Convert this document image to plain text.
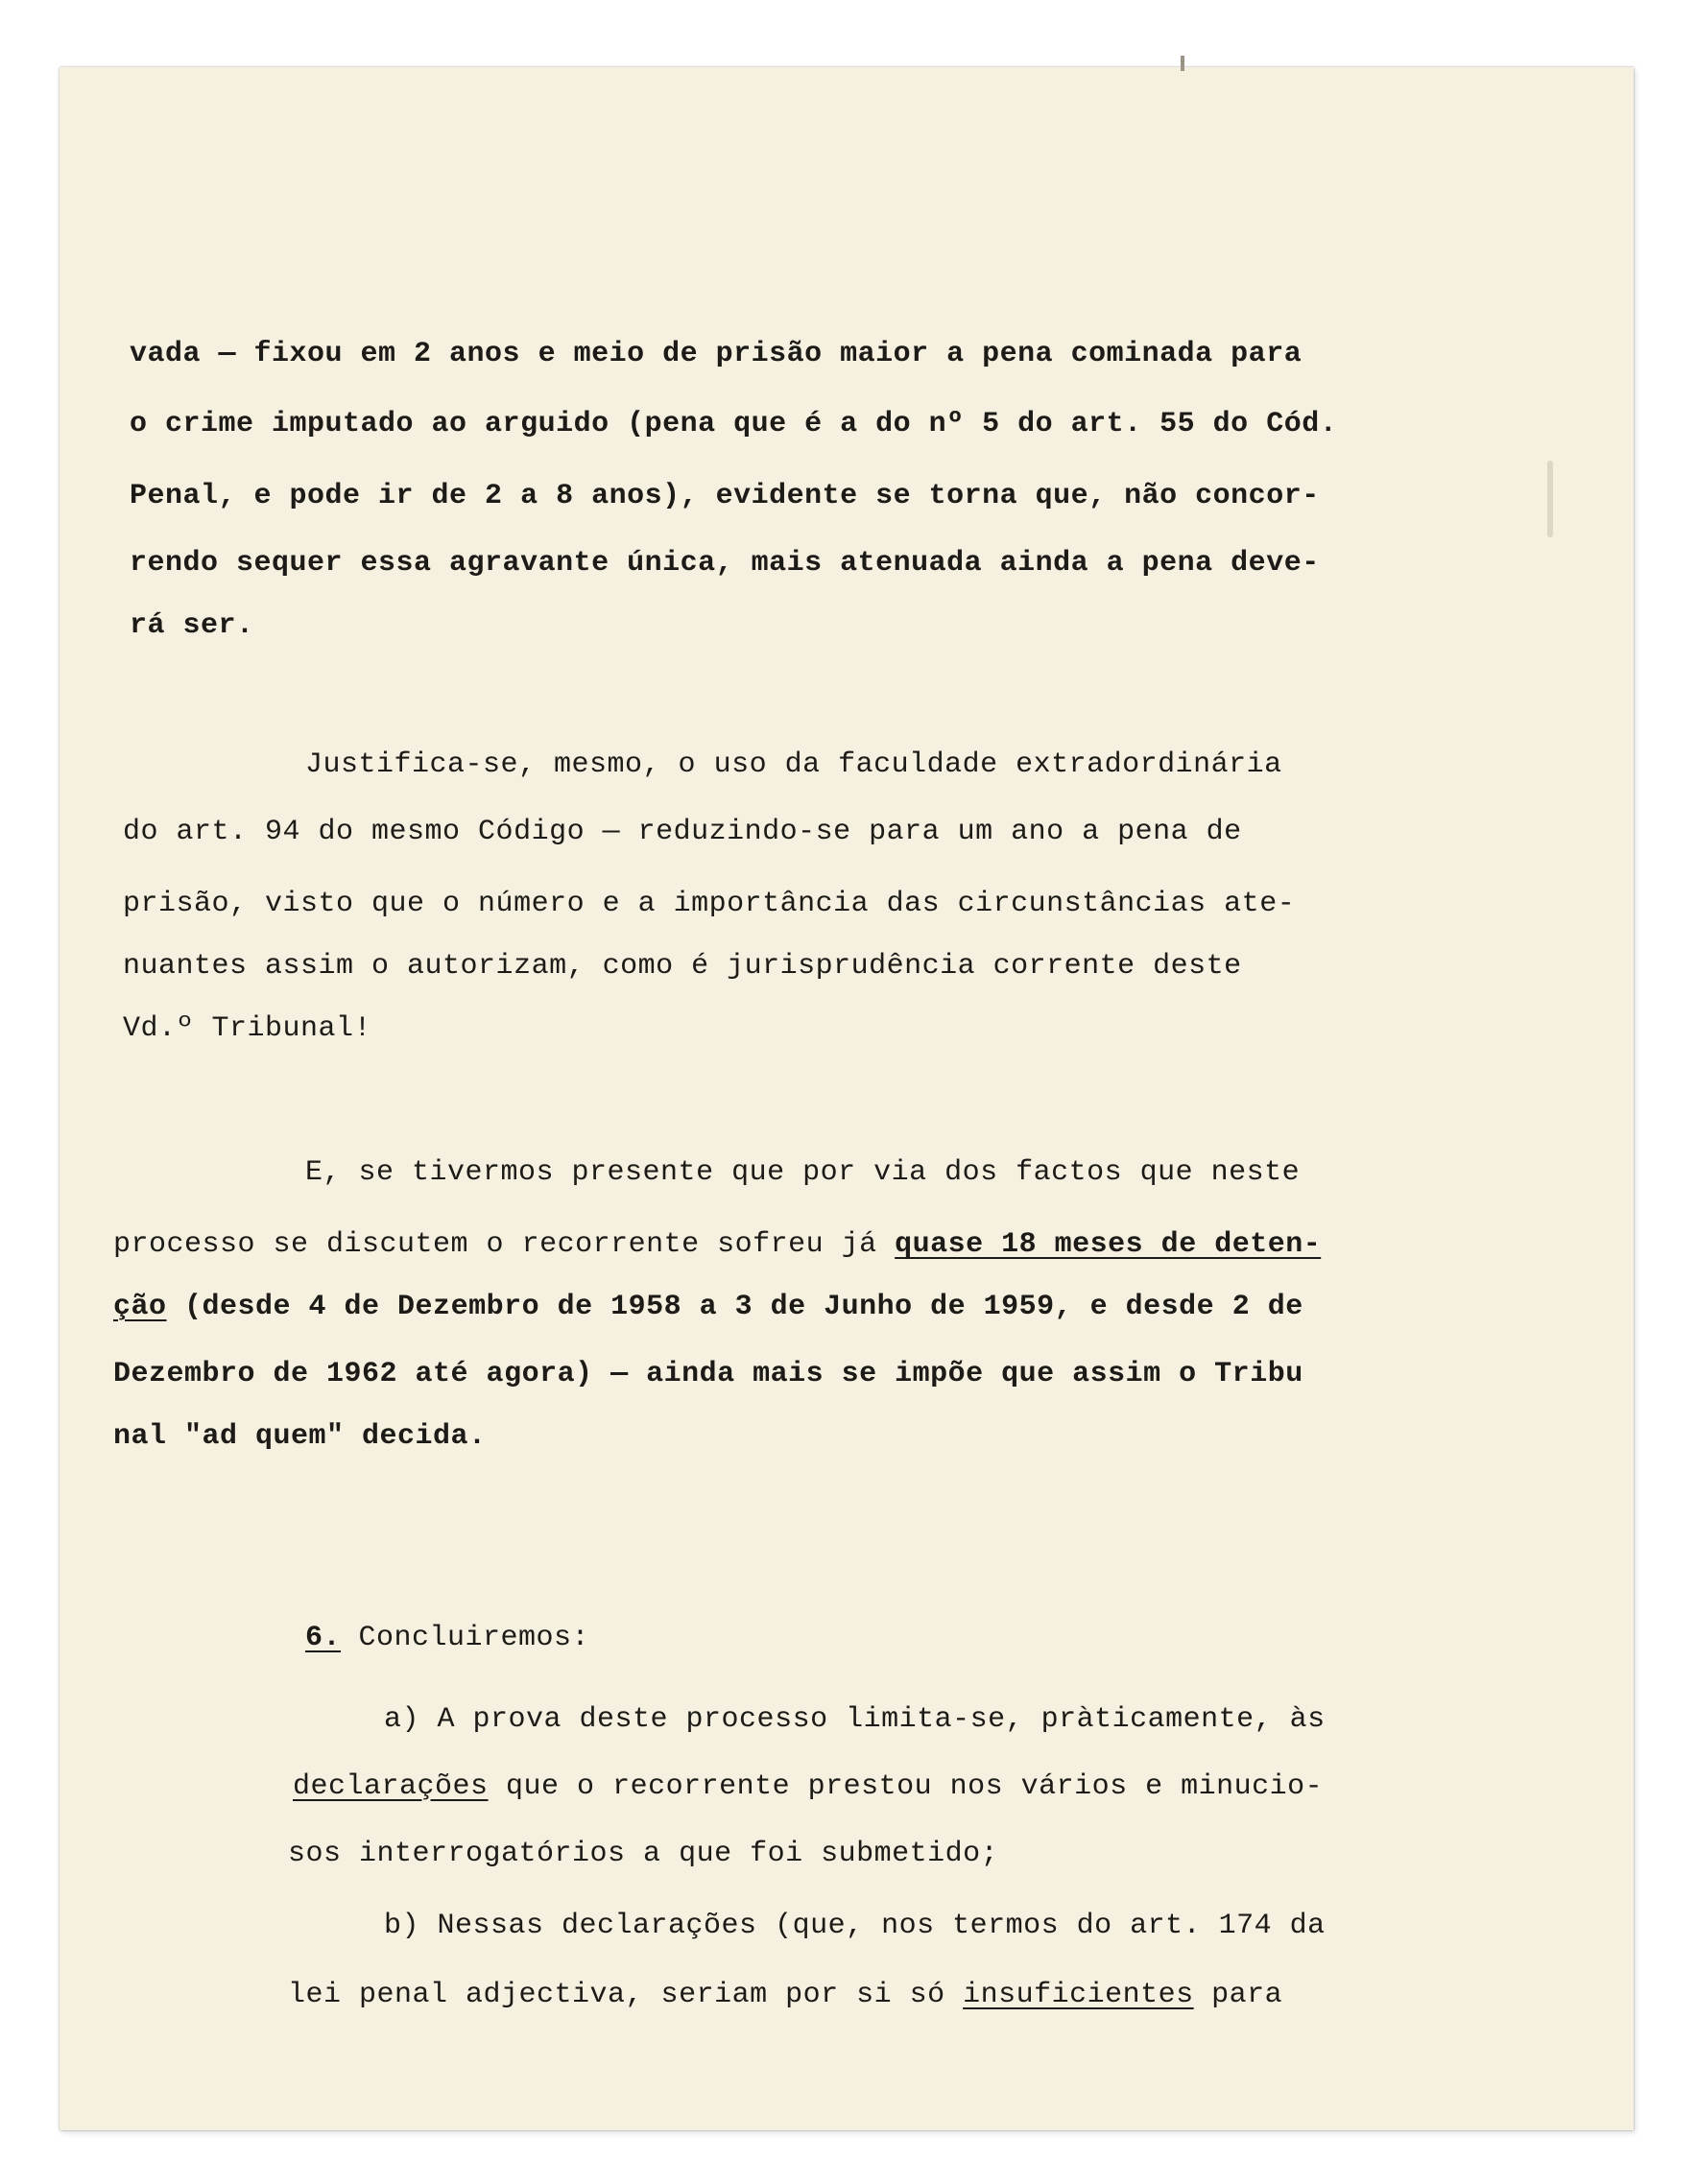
vada — fixou em 2 anos e meio de prisão maior a pena cominada para

o crime imputado ao arguido (pena que é a do nº 5 do art. 55 do Cód.

Penal, e pode ir de 2 a 8 anos), evidente se torna que, não concor-

rendo sequer essa agravante única, mais atenuada ainda a pena deve-

rá ser.

Justifica-se, mesmo, o uso da faculdade extradordinária

do art. 94 do mesmo Código — reduzindo-se para um ano a pena de

prisão, visto que o número e a importância das circunstâncias ate-

nuantes assim o autorizam, como é jurisprudência corrente deste

Vd.º Tribunal!

E, se tivermos presente que por via dos factos que neste

processo se discutem o recorrente sofreu já quase 18 meses de deten-

ção (desde 4 de Dezembro de 1958 a 3 de Junho de 1959, e desde 2 de

Dezembro de 1962 até agora) — ainda mais se impõe que assim o Tribu

nal "ad quem" decida.

6. Concluiremos:

a) A prova deste processo limita-se, pràticamente, às

declarações que o recorrente prestou nos vários e minucio-

sos interrogatórios a que foi submetido;

b) Nessas declarações (que, nos termos do art. 174 da

lei penal adjectiva, seriam por si só insuficientes para
